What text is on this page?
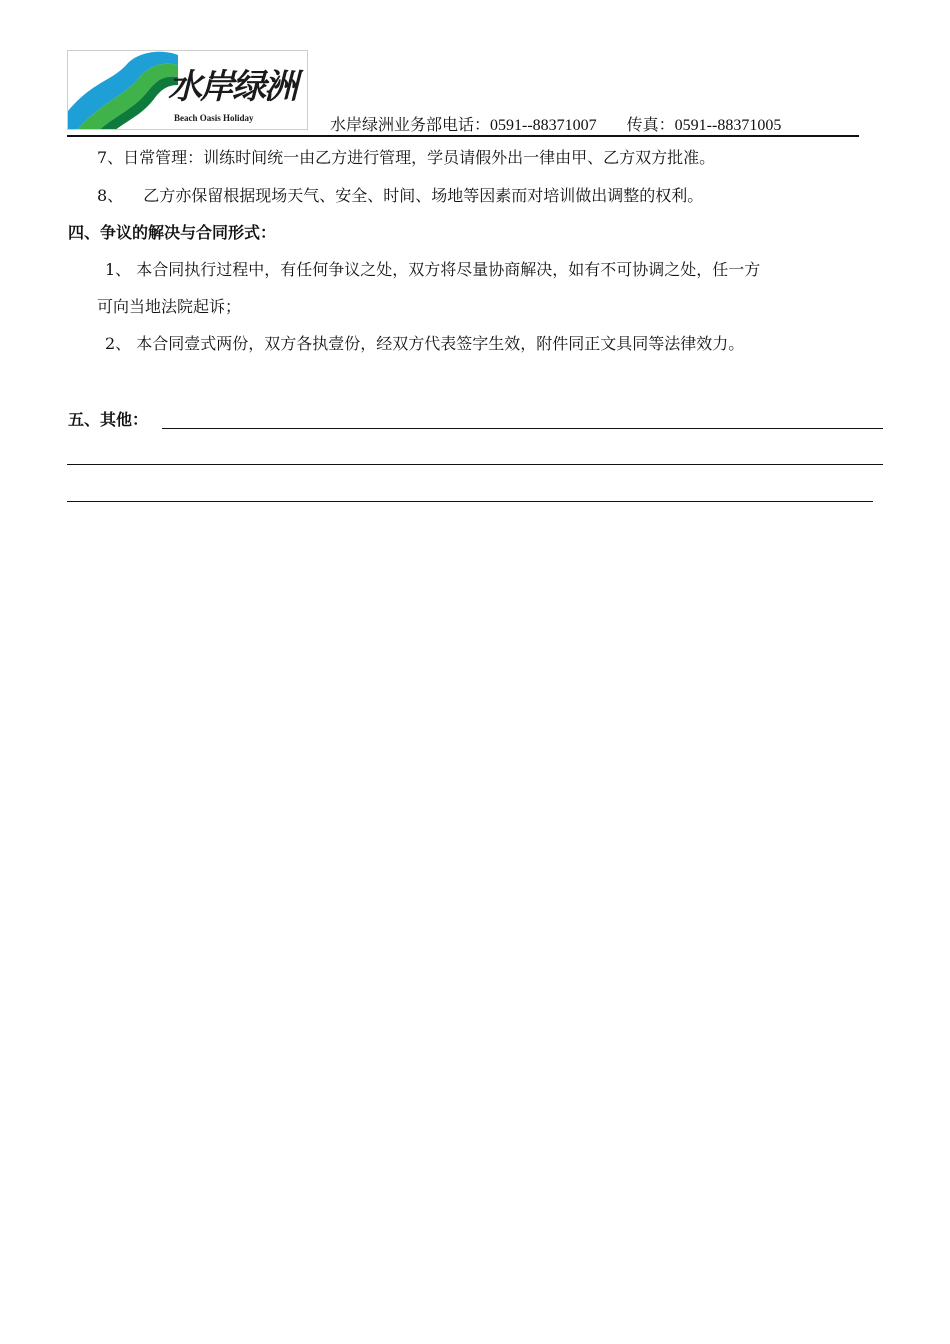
水岸绿洲
Beach Oasis Holiday	水岸绿洲业务部电话：0591--88371007 传真：0591--88371005
7、日常管理：训练时间统一由乙方进行管理，学员请假外出一律由甲、乙方双方批准。
8、 乙方亦保留根据现场天气、安全、时间、场地等因素而对培训做出调整的权利。
四、争议的解决与合同形式：
1、 本合同执行过程中，有任何争议之处，双方将尽量协商解决，如有不可协调之处，任一方
可向当地法院起诉；
2、 本合同壹式两份，双方各执壹份，经双方代表签字生效，附件同正文具同等法律效力。
五、其他：
